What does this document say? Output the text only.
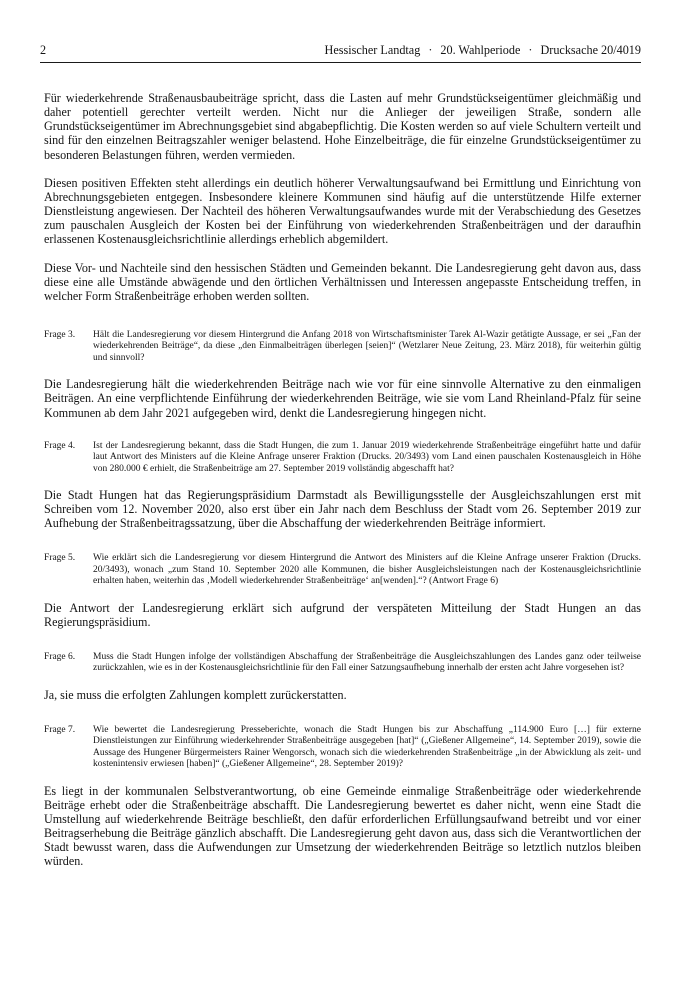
2	Hessischer Landtag · 20. Wahlperiode · Drucksache 20/4019

Für wiederkehrende Straßenausbaubeiträge spricht, dass die Lasten auf mehr Grundstückseigentümer gleichmäßig und daher potentiell gerechter verteilt werden. Nicht nur die Anlieger der jeweiligen Straße, sondern alle Grundstückseigentümer im Abrechnungsgebiet sind abgabepflichtig. Die Kosten werden so auf viele Schultern verteilt und sind für den einzelnen Beitragszahler weniger belastend. Hohe Einzelbeiträge, die für einzelne Grundstückseigentümer zu besonderen Belastungen führen, werden vermieden.

Diesen positiven Effekten steht allerdings ein deutlich höherer Verwaltungsaufwand bei Ermittlung und Einrichtung von Abrechnungsgebieten entgegen. Insbesondere kleinere Kommunen sind häufig auf die unterstützende Hilfe externer Dienstleistung angewiesen. Der Nachteil des höheren Verwaltungsaufwandes wurde mit der Verabschiedung des Gesetzes zum pauschalen Ausgleich der Kosten bei der Einführung von wiederkehrenden Straßenbeiträgen und der daraufhin erlassenen Kostenausgleichsrichtlinie allerdings erheblich abgemildert.

Diese Vor- und Nachteile sind den hessischen Städten und Gemeinden bekannt. Die Landesregierung geht davon aus, dass diese eine alle Umstände abwägende und den örtlichen Verhältnissen und Interessen angepasste Entscheidung treffen, in welcher Form Straßenbeiträge erhoben werden sollten.

Frage 3.	Hält die Landesregierung vor diesem Hintergrund die Anfang 2018 von Wirtschaftsminister Tarek Al-Wazir getätigte Aussage, er sei „Fan der wiederkehrenden Beiträge“, da diese „den Einmalbeiträgen überlegen [seien]“ (Wetzlarer Neue Zeitung, 23. März 2018), für weiterhin gültig und sinnvoll?

Die Landesregierung hält die wiederkehrenden Beiträge nach wie vor für eine sinnvolle Alternative zu den einmaligen Beiträgen. An eine verpflichtende Einführung der wiederkehrenden Beiträge, wie sie vom Land Rheinland-Pfalz für seine Kommunen ab dem Jahr 2021 aufgegeben wird, denkt die Landesregierung hingegen nicht.

Frage 4.	Ist der Landesregierung bekannt, dass die Stadt Hungen, die zum 1. Januar 2019 wiederkehrende Straßenbeiträge eingeführt hatte und dafür laut Antwort des Ministers auf die Kleine Anfrage unserer Fraktion (Drucks. 20/3493) vom Land einen pauschalen Kostenausgleich in Höhe von 280.000 € erhielt, die Straßenbeiträge am 27. September 2019 vollständig abgeschafft hat?

Die Stadt Hungen hat das Regierungspräsidium Darmstadt als Bewilligungsstelle der Ausgleichszahlungen erst mit Schreiben vom 12. November 2020, also erst über ein Jahr nach dem Beschluss der Stadt vom 26. September 2019 zur Aufhebung der Straßenbeitragssatzung, über die Abschaffung der wiederkehrenden Beiträge informiert.

Frage 5.	Wie erklärt sich die Landesregierung vor diesem Hintergrund die Antwort des Ministers auf die Kleine Anfrage unserer Fraktion (Drucks. 20/3493), wonach „zum Stand 10. September 2020 alle Kommunen, die bisher Ausgleichsleistungen nach der Kostenausgleichsrichtlinie erhalten haben, weiterhin das ‚Modell wiederkehrender Straßenbeiträge‘ an[wenden].“? (Antwort Frage 6)

Die Antwort der Landesregierung erklärt sich aufgrund der verspäteten Mitteilung der Stadt Hungen an das Regierungspräsidium.

Frage 6.	Muss die Stadt Hungen infolge der vollständigen Abschaffung der Straßenbeiträge die Ausgleichszahlungen des Landes ganz oder teilweise zurückzahlen, wie es in der Kostenausgleichsrichtlinie für den Fall einer Satzungsaufhebung innerhalb der ersten acht Jahre vorgesehen ist?

Ja, sie muss die erfolgten Zahlungen komplett zurückerstatten.

Frage 7.	Wie bewertet die Landesregierung Presseberichte, wonach die Stadt Hungen bis zur Abschaffung „114.900 Euro […] für externe Dienstleistungen zur Einführung wiederkehrender Straßenbeiträge ausgegeben [hat]“ („Gießener Allgemeine“, 14. September 2019), sowie die Aussage des Hungener Bürgermeisters Rainer Wengorsch, wonach sich die wiederkehrenden Straßenbeiträge „in der Abwicklung als zeit- und kostenintensiv erwiesen [haben]“ („Gießener Allgemeine“, 28. September 2019)?

Es liegt in der kommunalen Selbstverantwortung, ob eine Gemeinde einmalige Straßenbeiträge oder wiederkehrende Beiträge erhebt oder die Straßenbeiträge abschafft. Die Landesregierung bewertet es daher nicht, wenn eine Stadt die Umstellung auf wiederkehrende Beiträge beschließt, den dafür erforderlichen Erfüllungsaufwand betreibt und vor einer Beitragserhebung die Beiträge gänzlich abschafft. Die Landesregierung geht davon aus, dass sich die Verantwortlichen der Stadt bewusst waren, dass die Aufwendungen zur Umsetzung der wiederkehrenden Beiträge so letztlich nutzlos bleiben würden.
